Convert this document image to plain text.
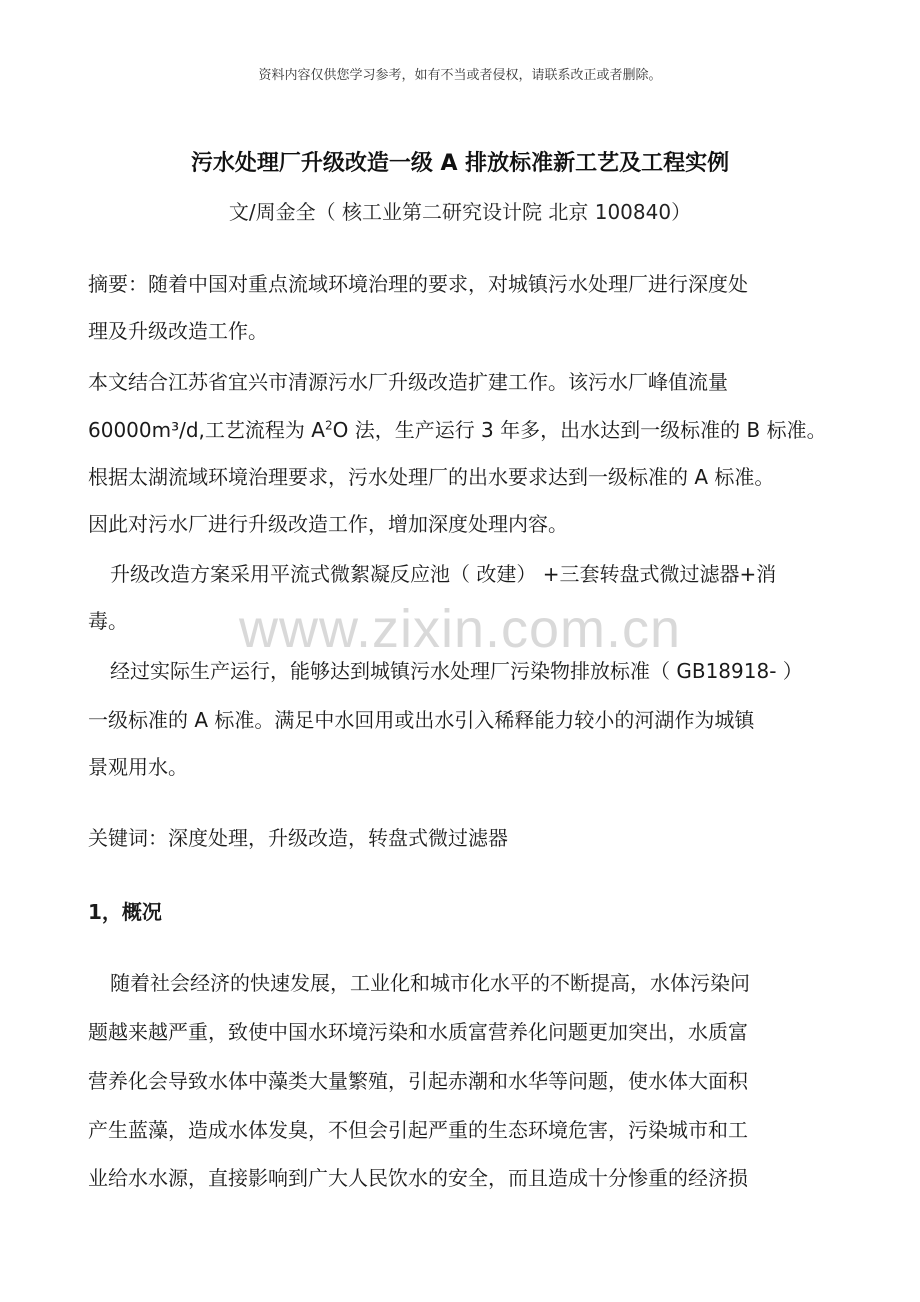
资料内容仅供您学习参考，如有不当或者侵权，请联系改正或者删除。
污水处理厂升级改造一级 A 排放标准新工艺及工程实例
文/周金全（ 核工业第二研究设计院 北京 100840）
www.zixin.com.cn
摘要：随着中国对重点流域环境治理的要求，对城镇污水处理厂进行深度处
理及升级改造工作。
本文结合江苏省宜兴市清源污水厂升级改造扩建工作。该污水厂峰值流量
60000m³/d,工艺流程为 $A^2O$ 法，生产运行 3 年多，出水达到一级标准的 B 标准。
根据太湖流域环境治理要求，污水处理厂的出水要求达到一级标准的 A 标准。
因此对污水厂进行升级改造工作，增加深度处理内容。
升级改造方案采用平流式微絮凝反应池（ 改建） +三套转盘式微过滤器+消
毒。
经过实际生产运行，能够达到城镇污水处理厂污染物排放标准（ GB18918- ）
一级标准的 A 标准。满足中水回用或出水引入稀释能力较小的河湖作为城镇
景观用水。
关键词：深度处理，升级改造，转盘式微过滤器
1，概况
随着社会经济的快速发展，工业化和城市化水平的不断提高，水体污染问
题越来越严重，致使中国水环境污染和水质富营养化问题更加突出，水质富
营养化会导致水体中藻类大量繁殖，引起赤潮和水华等问题，使水体大面积
产生蓝藻，造成水体发臭，不但会引起严重的生态环境危害，污染城市和工
业给水水源，直接影响到广大人民饮水的安全，而且造成十分惨重的经济损
